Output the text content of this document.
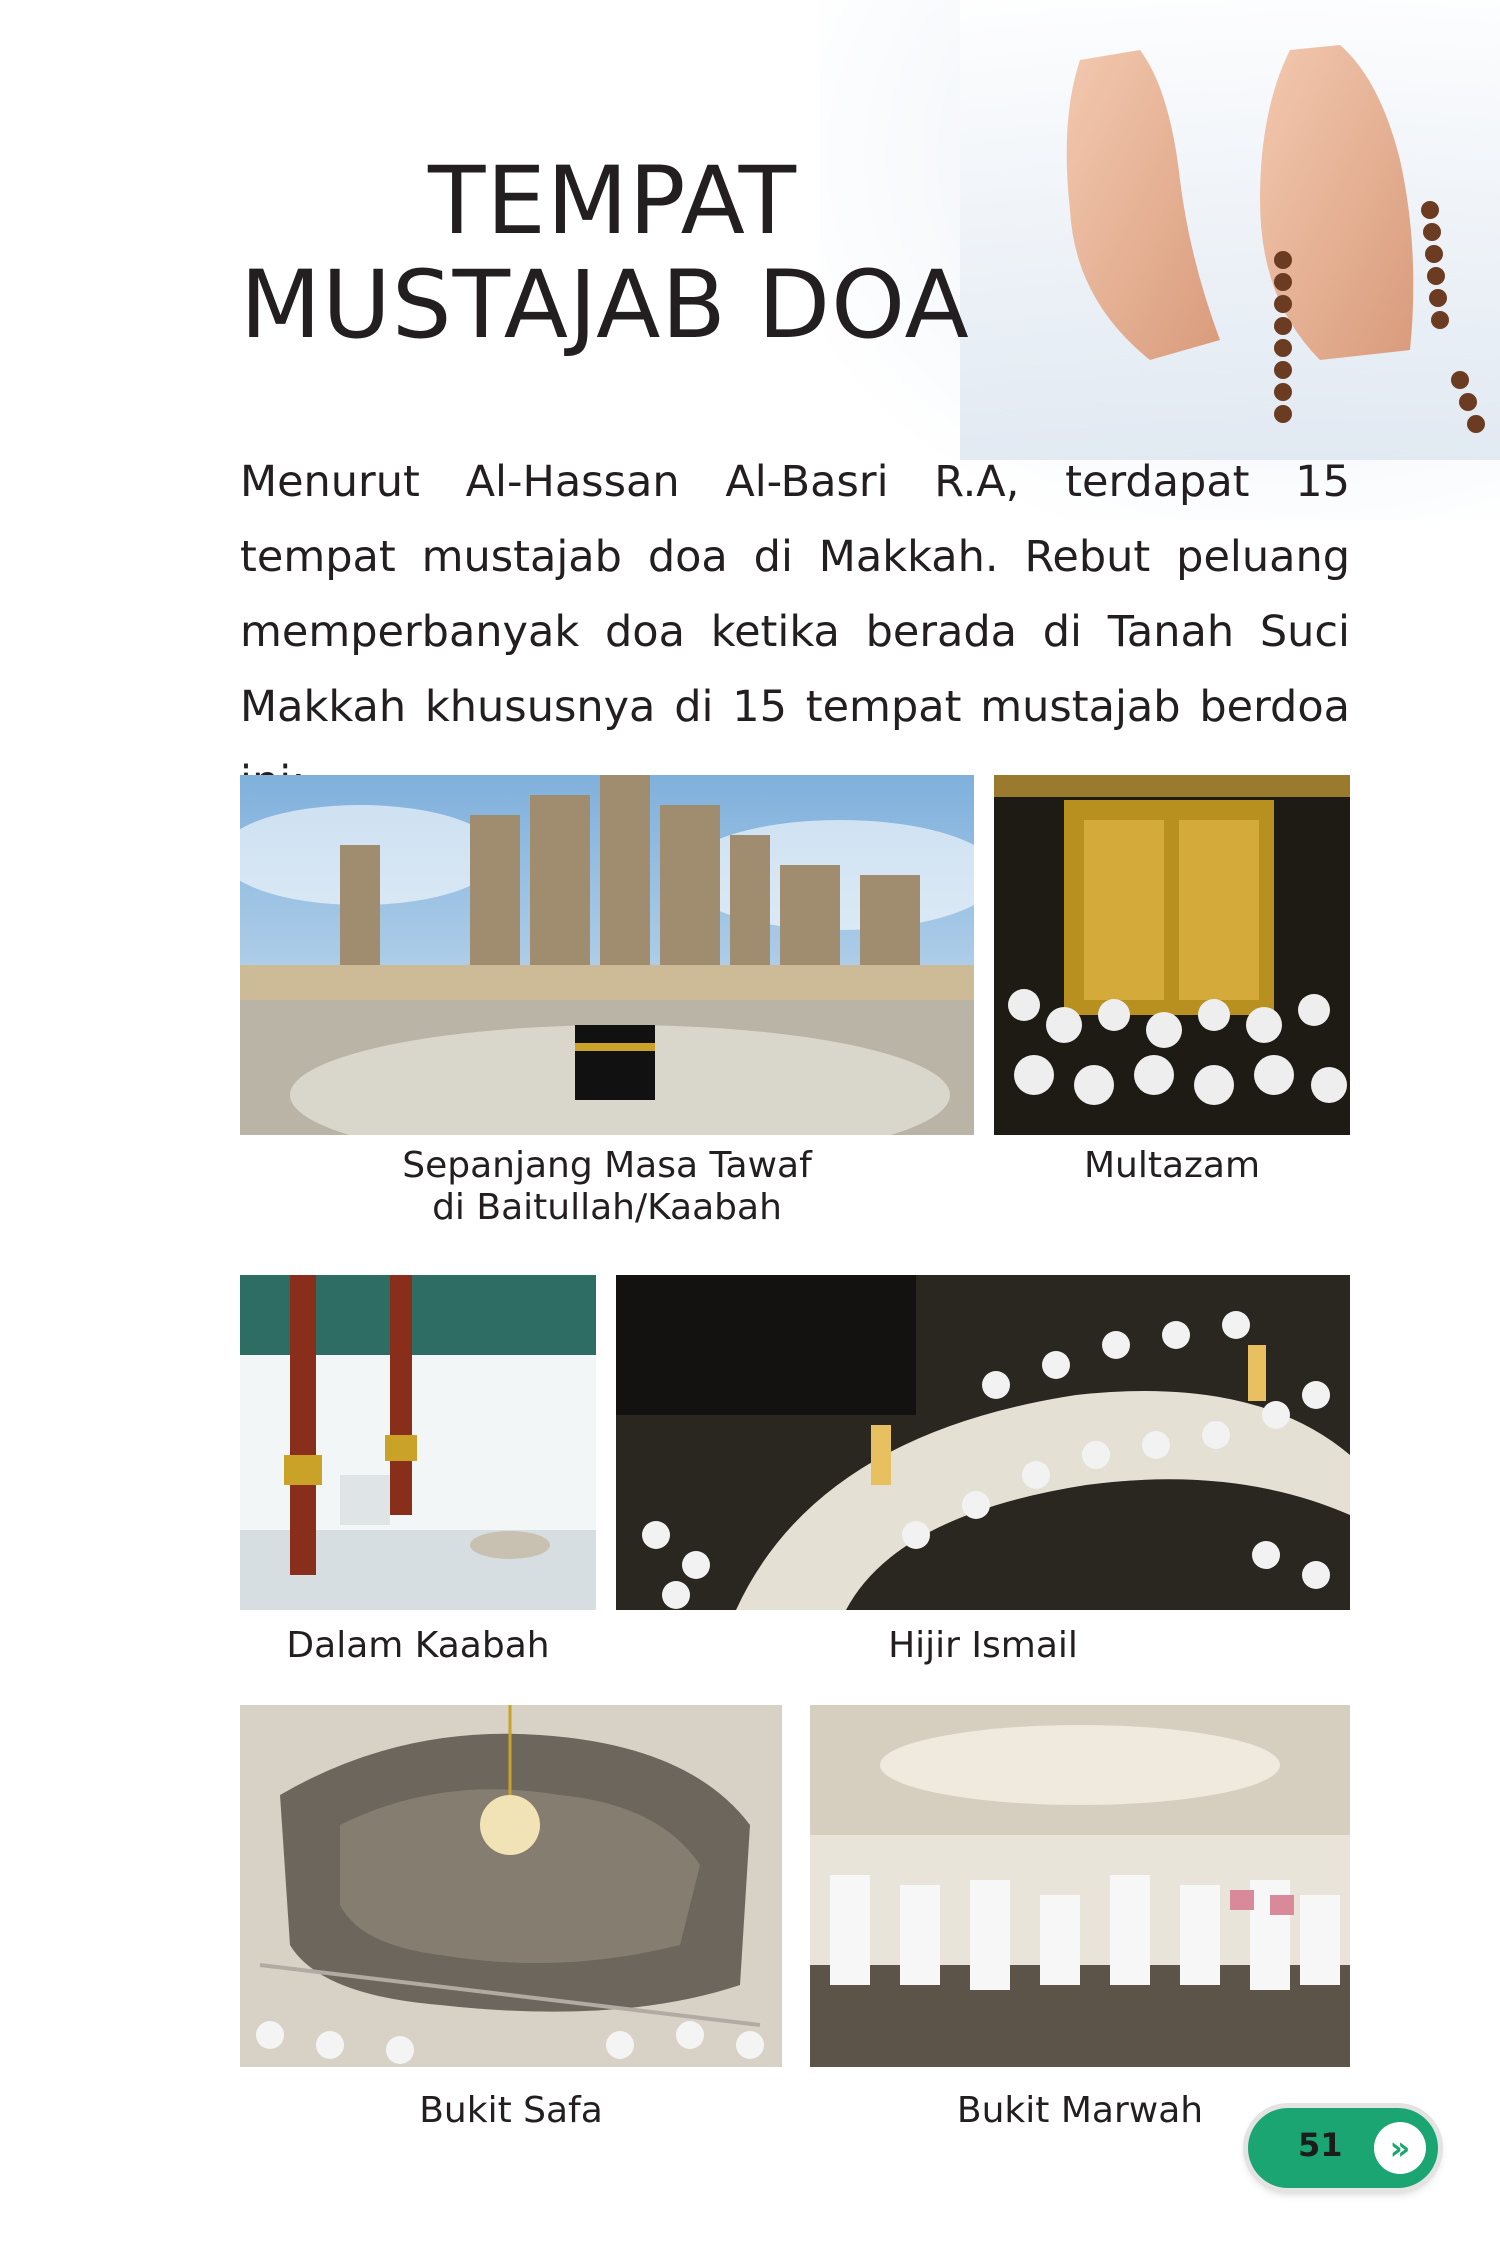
TEMPAT
MUSTAJAB DOA

Menurut Al-Hassan Al-Basri R.A, terdapat 15 tempat mustajab doa di Makkah. Rebut peluang memperbanyak doa ketika berada di Tanah Suci Makkah khususnya di 15 tempat mustajab berdoa

Sepanjang Masa Tawaf
di Baitullah/Kaabah
Multazam
Dalam Kaabah	Hijir Ismail
Bukit Safa	Bukit Marwah
51	»
